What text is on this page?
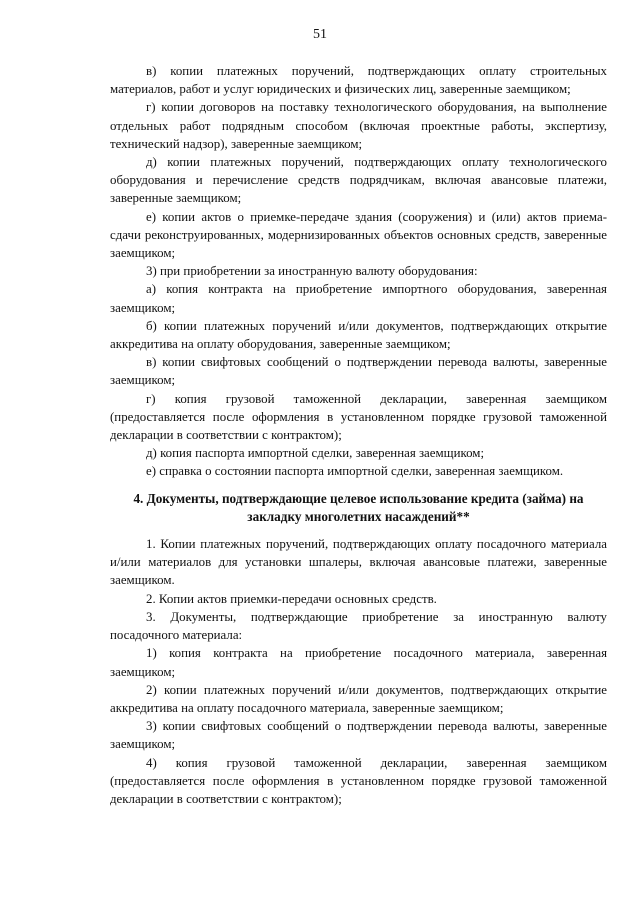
51

в) копии платежных поручений, подтверждающих оплату строительных материалов, работ и услуг юридических и физических лиц, заверенные заемщиком;

г) копии договоров на поставку технологического оборудования, на выполнение отдельных работ подрядным способом (включая проектные работы, экспертизу, технический надзор), заверенные заемщиком;

д) копии платежных поручений, подтверждающих оплату технологического оборудования и перечисление средств подрядчикам, включая авансовые платежи, заверенные заемщиком;

е) копии актов о приемке-передаче здания (сооружения) и (или) актов приема-сдачи реконструированных, модернизированных объектов основных средств, заверенные заемщиком;

3) при приобретении за иностранную валюту оборудования:

а) копия контракта на приобретение импортного оборудования, заверенная заемщиком;

б) копии платежных поручений и/или документов, подтверждающих открытие аккредитива на оплату оборудования, заверенные заемщиком;

в) копии свифтовых сообщений о подтверждении перевода валюты, заверенные заемщиком;

г) копия грузовой таможенной декларации, заверенная заемщиком (предоставляется после оформления в установленном порядке грузовой таможенной декларации в соответствии с контрактом);

д) копия паспорта импортной сделки, заверенная заемщиком;

е) справка о состоянии паспорта импортной сделки, заверенная заемщиком.

4. Документы, подтверждающие целевое использование кредита (займа) на закладку многолетних насаждений**

1. Копии платежных поручений, подтверждающих оплату посадочного материала и/или материалов для установки шпалеры, включая авансовые платежи, заверенные заемщиком.

2. Копии актов приемки-передачи основных средств.

3. Документы, подтверждающие приобретение за иностранную валюту посадочного материала:

1) копия контракта на приобретение посадочного материала, заверенная заемщиком;

2) копии платежных поручений и/или документов, подтверждающих открытие аккредитива на оплату посадочного материала, заверенные заемщиком;

3) копии свифтовых сообщений о подтверждении перевода валюты, заверенные заемщиком;

4) копия грузовой таможенной декларации, заверенная заемщиком (предоставляется после оформления в установленном порядке грузовой таможенной декларации в соответствии с контрактом);
